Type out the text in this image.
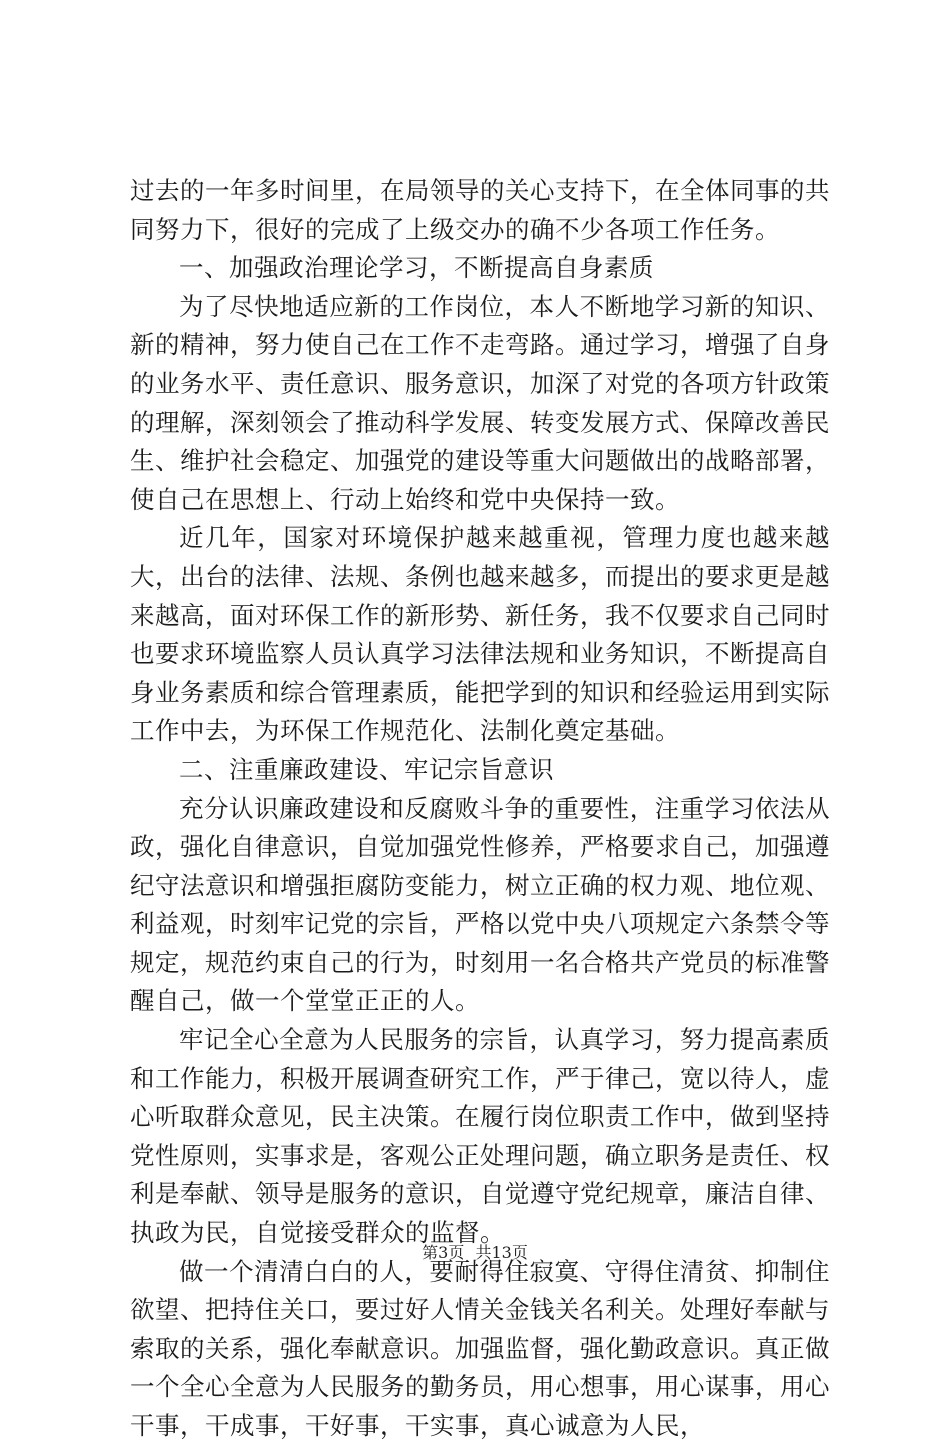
过去的一年多时间里，在局领导的关心支持下，在全体同事的共同努力下，很好的完成了上级交办的确不少各项工作任务。

一、加强政治理论学习，不断提高自身素质

为了尽快地适应新的工作岗位，本人不断地学习新的知识、新的精神，努力使自己在工作不走弯路。通过学习，增强了自身的业务水平、责任意识、服务意识，加深了对党的各项方针政策的理解，深刻领会了推动科学发展、转变发展方式、保障改善民生、维护社会稳定、加强党的建设等重大问题做出的战略部署，使自己在思想上、行动上始终和党中央保持一致。

近几年，国家对环境保护越来越重视，管理力度也越来越大，出台的法律、法规、条例也越来越多，而提出的要求更是越来越高，面对环保工作的新形势、新任务，我不仅要求自己同时也要求环境监察人员认真学习法律法规和业务知识，不断提高自身业务素质和综合管理素质，能把学到的知识和经验运用到实际工作中去，为环保工作规范化、法制化奠定基础。

二、注重廉政建设、牢记宗旨意识

充分认识廉政建设和反腐败斗争的重要性，注重学习依法从政，强化自律意识，自觉加强党性修养，严格要求自己，加强遵纪守法意识和增强拒腐防变能力，树立正确的权力观、地位观、利益观，时刻牢记党的宗旨，严格以党中央八项规定六条禁令等规定，规范约束自己的行为，时刻用一名合格共产党员的标准警醒自己，做一个堂堂正正的人。

牢记全心全意为人民服务的宗旨，认真学习，努力提高素质和工作能力，积极开展调查研究工作，严于律己，宽以待人，虚心听取群众意见，民主决策。在履行岗位职责工作中，做到坚持党性原则，实事求是，客观公正处理问题，确立职务是责任、权利是奉献、领导是服务的意识，自觉遵守党纪规章，廉洁自律、执政为民，自觉接受群众的监督。

做一个清清白白的人，要耐得住寂寞、守得住清贫、抑制住欲望、把持住关口，要过好人情关金钱关名利关。处理好奉献与索取的关系，强化奉献意识。加强监督，强化勤政意识。真正做一个全心全意为人民服务的勤务员，用心想事，用心谋事，用心干事，干成事，干好事，干实事，真心诚意为人民，

第3页 共13页
